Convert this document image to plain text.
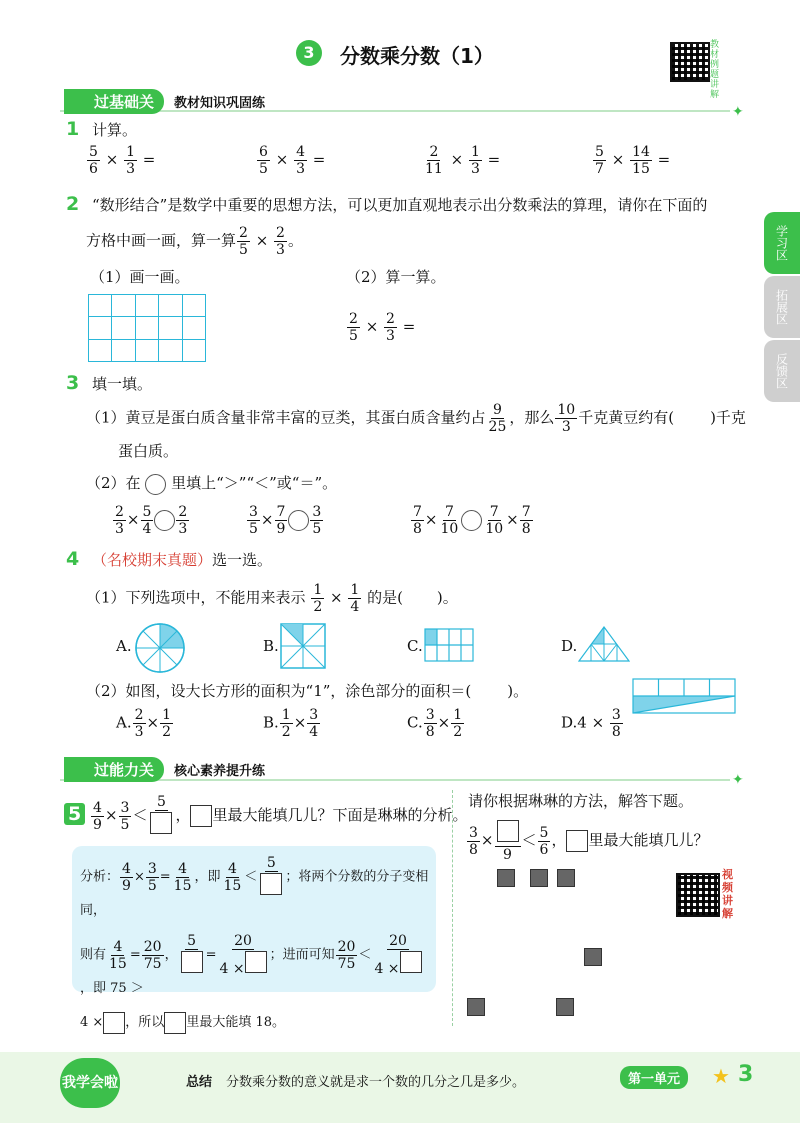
3	分数乘分数（1）	教材例题讲解
过基础关	教材知识巩固练
✦
1 计算。
$\frac{5}{6} \times \frac{1}{3}$ =	$\frac{6}{5} \times \frac{4}{3}$ =	$\frac{2}{11} \times \frac{1}{3}$ =	$\frac{5}{7} \times \frac{14}{15}$ =
2 “数形结合”是数学中重要的思想方法，可以更加直观地表示出分数乘法的算理，请你在下面的
方格中画一画，算一算 $\frac{2}{5} \times \frac{2}{3}$ 。
（1）画一画。	（2）算一算。
$\frac{2}{5} \times \frac{2}{3}$ =
3 填一填。
（1）黄豆是蛋白质含量非常丰富的豆类，其蛋白质含量约占 $\frac{9}{25}$ ，那么 $\frac{10}{3}$ 千克黄豆约有( )千克
蛋白质。
（2）在 里填上“＞”“＜”或“＝”。
$\frac{2}{3} \times \frac{5}{4} \frac{2}{3}$	$\frac{3}{5} \times \frac{7}{9} \frac{3}{5}$	$\frac{7}{8} \times \frac{7}{10} \frac{7}{10} \times \frac{7}{8}$
4 （名校期末真题）选一选。
（1）下列选项中，不能用来表示 $\frac{1}{2} \times \frac{1}{4}$ 的是( )。
A.	B.	C.	D.
（2）如图，设大长方形的面积为“1”，涂色部分的面积＝( )。
A. $\frac{2}{3} \times \frac{1}{2}$	B. $\frac{1}{2} \times \frac{3}{4}$	C. $\frac{3}{8} \times \frac{1}{2}$	$D.4 \times \frac{3}{8}$
过能力关	核心素养提升练
✦
$5 \frac{4}{9} \times \frac{3}{5}$ ＜
5
， 里最大能填几儿？下面是琳琳的分析。
分析： $\frac{4}{9} \times \frac{3}{5} = \frac{4}{15}$ ，即 $\frac{4}{15}$ ＜
5
；将两个分数的分子变相同，
则有 $\frac{4}{15} = \frac{20}{75}$ ，
5
= $\frac{20}{4 \times}$ ；进而可知 $\frac{20}{75} < \frac{20}{4 \times}$
，即 75 ＞
4 × ，所以 里最大能填 18。
请你根据琳琳的方法，解答下题。
$\frac{3}{8}$ ×
9
＜ $\frac{5}{6}$ ， 里最大能填几儿？
视频讲解
学习区
拓展区
反馈区
我学会啦	总结 分数乘分数的意义就是求一个数的几分之几是多少。	第一单元	★ 3
